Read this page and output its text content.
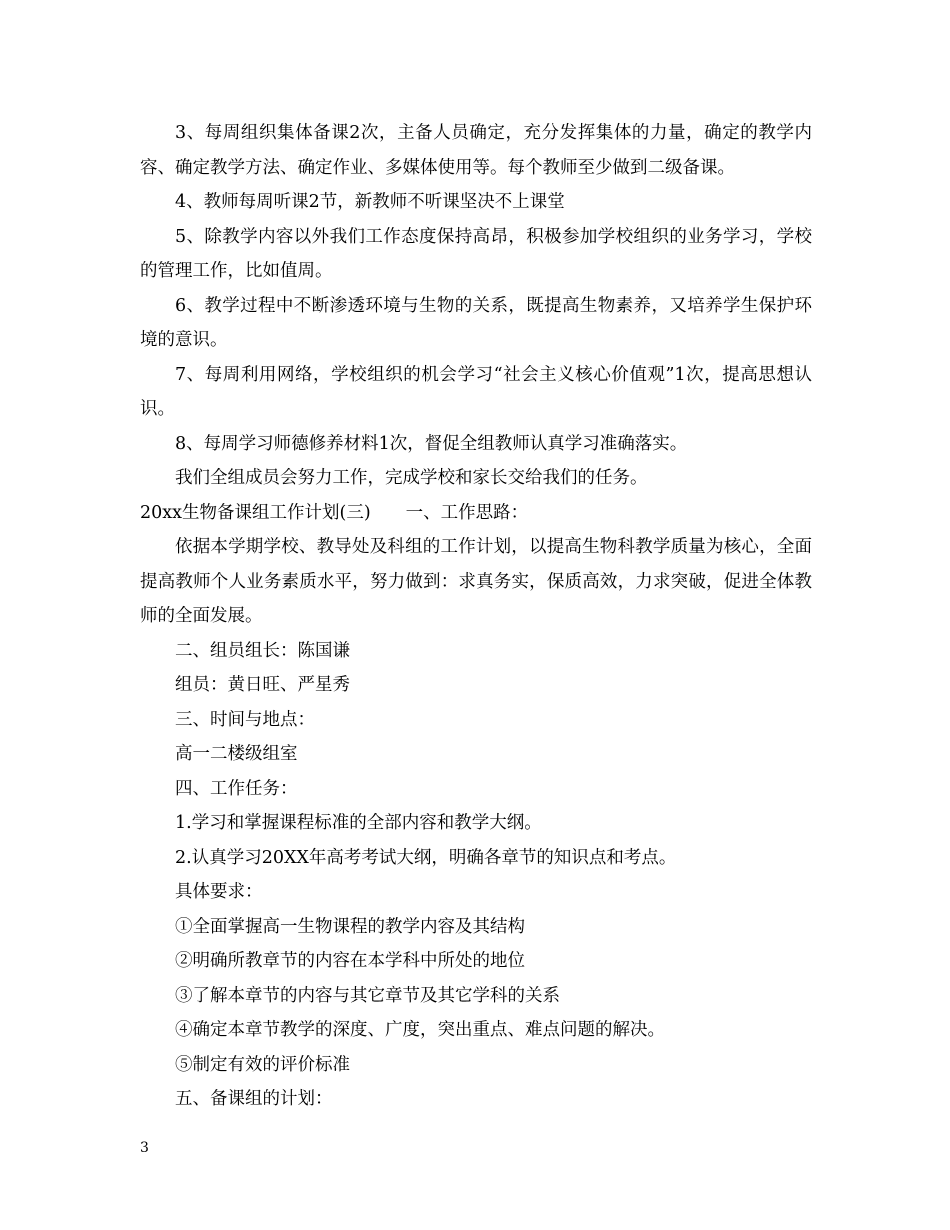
3、每周组织集体备课2次，主备人员确定，充分发挥集体的力量，确定的教学内容、确定教学方法、确定作业、多媒体使用等。每个教师至少做到二级备课。

4、教师每周听课2节，新教师不听课坚决不上课堂

5、除教学内容以外我们工作态度保持高昂，积极参加学校组织的业务学习，学校的管理工作，比如值周。

6、教学过程中不断渗透环境与生物的关系，既提高生物素养，又培养学生保护环境的意识。

7、每周利用网络，学校组织的机会学习“社会主义核心价值观”1次，提高思想认识。

8、每周学习师德修养材料1次，督促全组教师认真学习准确落实。

我们全组成员会努力工作，完成学校和家长交给我们的任务。

20xx生物备课组工作计划(三)　　一、工作思路：

依据本学期学校、教导处及科组的工作计划，以提高生物科教学质量为核心，全面提高教师个人业务素质水平，努力做到：求真务实，保质高效，力求突破，促进全体教师的全面发展。

二、组员组长：陈国谦

组员：黄日旺、严星秀

三、时间与地点：

高一二楼级组室

四、工作任务：

1.学习和掌握课程标准的全部内容和教学大纲。

2.认真学习20XX年高考考试大纲，明确各章节的知识点和考点。

具体要求：

①全面掌握高一生物课程的教学内容及其结构

②明确所教章节的内容在本学科中所处的地位

③了解本章节的内容与其它章节及其它学科的关系

④确定本章节教学的深度、广度，突出重点、难点问题的解决。

⑤制定有效的评价标准

五、备课组的计划：

3
